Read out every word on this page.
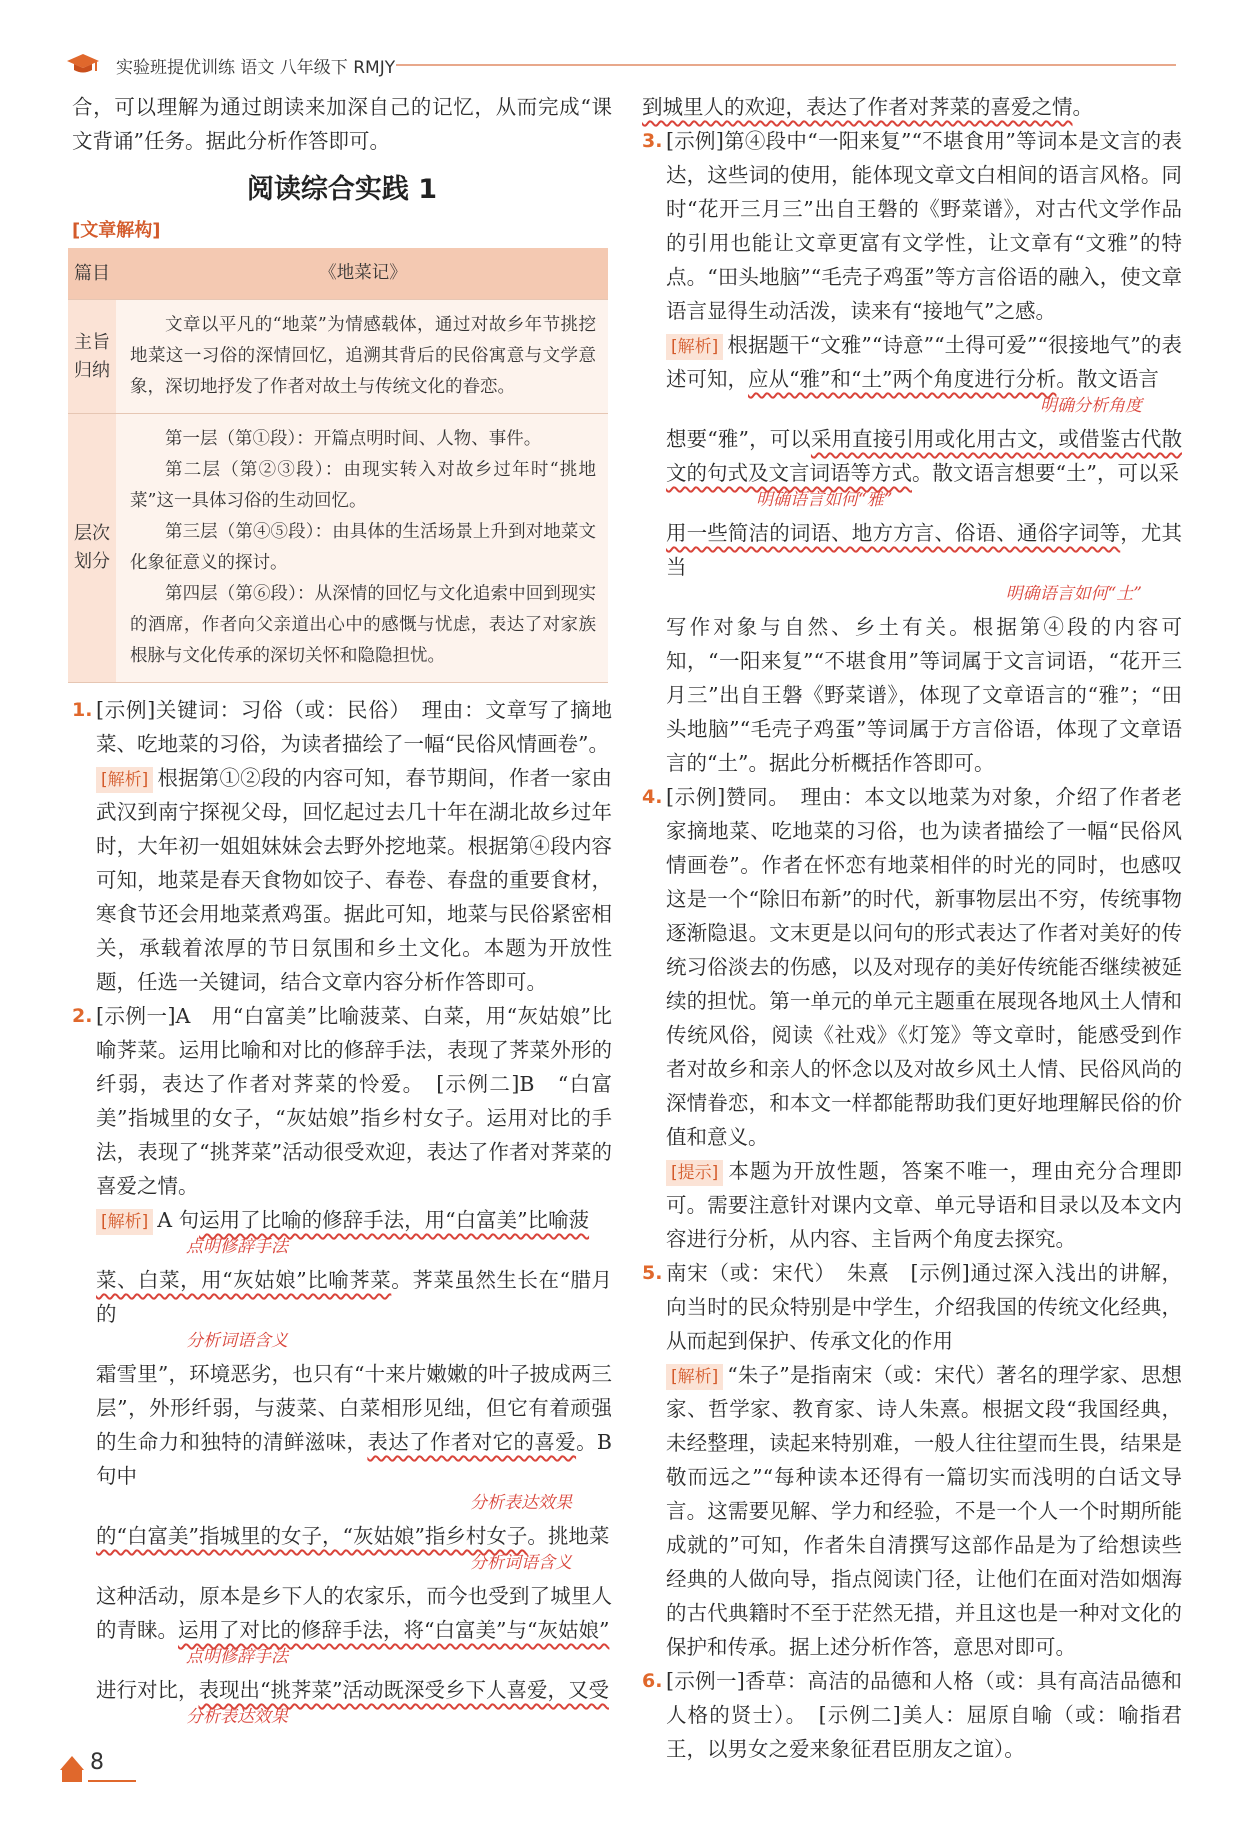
实验班提优训练 语文 八年级下 RMJY

合，可以理解为通过朗读来加深自己的记忆，从而完成“课文背诵”任务。据此分析作答即可。

阅读综合实践 1
[ 文章解构 ]
篇目	《地菜记》
主旨归纳	文章以平凡的“地菜”为情感载体，通过对故乡年节挑挖地菜这一习俗的深情回忆，追溯其背后的民俗寓意与文学意象，深切地抒发了作者对故土与传统文化的眷恋。

层次划分	第一层（第①段）：开篇点明时间、人物、事件。

第二层（第②③段）：由现实转入对故乡过年时“挑地菜”这一具体习俗的生动回忆。

第三层（第④⑤段）：由具体的生活场景上升到对地菜文化象征意义的探讨。

第四层（第⑥段）：从深情的回忆与文化追索中回到现实的酒席，作者向父亲道出心中的感慨与忧虑，表达了对家族根脉与文化传承的深切关怀和隐隐担忧。

1. [ 示例 ] 关键词：习俗（或：民俗）　理由：文章写了摘地菜、吃地菜的习俗，为读者描绘了一幅“民俗风情画卷”。

[ 解析 ] 根据第①②段的内容可知，春节期间，作者一家由武汉到南宁探视父母，回忆起过去几十年在湖北故乡过年时，大年初一姐姐妹妹会去野外挖地菜。根据第④段内容可知，地菜是春天食物如饺子、春卷、春盘的重要食材，寒食节还会用地菜煮鸡蛋。据此可知，地菜与民俗紧密相关，承载着浓厚的节日氛围和乡土文化。本题为开放性题，任选一关键词，结合文章内容分析作答即可。

2. [ 示例一 ] A　用“白富美”比喻菠菜、白菜，用“灰姑娘”比喻荠菜。运用比喻和对比的修辞手法，表现了荠菜外形的纤弱，表达了作者对荠菜的怜爱。　[ 示例二 ] B　“白富美”指城里的女子，“灰姑娘”指乡村女子。运用对比的手法，表现了“挑荠菜”活动很受欢迎，表达了作者对荠菜的喜爱之情。

[ 解析 ] A 句运用了比喻的修辞手法，用“白富美”比喻菠

点明修辞手法

菜、白菜，用“灰姑娘”比喻荠菜。荠菜虽然生长在“腊月的

分析词语含义

霜雪里”，环境恶劣，也只有“十来片嫩嫩的叶子披成两三层”，外形纤弱，与菠菜、白菜相形见绌，但它有着顽强的生命力和独特的清鲜滋味，表达了作者对它的喜爱。B 句中

分析表达效果

的“白富美”指城里的女子，“灰姑娘”指乡村女子。挑地菜

分析词语含义

这种活动，原本是乡下人的农家乐，而今也受到了城里人的青睐。运用了对比的修辞手法，将“白富美”与“灰姑娘”

点明修辞手法

进行对比，表现出“挑荠菜”活动既深受乡下人喜爱，又受

分析表达效果

到城里人的欢迎，表达了作者对荠菜的喜爱之情。

3. [ 示例 ] 第④段中“一阳来复”“不堪食用”等词本是文言的表达，这些词的使用，能体现文章文白相间的语言风格。同时“花开三月三”出自王磐的《野菜谱》，对古代文学作品的引用也能让文章更富有文学性，让文章有“文雅”的特点。“田头地脑”“毛壳子鸡蛋”等方言俗语的融入，使文章语言显得生动活泼，读来有“接地气”之感。

[ 解析 ] 根据题干“文雅”“诗意”“土得可爱”“很接地气”的表述可知，应从“雅”和“土”两个角度进行分析。散文语言

明确分析角度

想要“雅”，可以采用直接引用或化用古文，或借鉴古代散文的句式及文言词语等方式。散文语言想要“土”，可以采

明确语言如何“雅”

用一些简洁的词语、地方方言、俗语、通俗字词等，尤其当

明确语言如何“土”

写作对象与自然、乡土有关。根据第④段的内容可知，“一阳来复”“不堪食用”等词属于文言词语，“花开三月三”出自王磐《野菜谱》，体现了文章语言的“雅”；“田头地脑”“毛壳子鸡蛋”等词属于方言俗语，体现了文章语言的“土”。据此分析概括作答即可。

4. [ 示例 ] 赞同。　理由：本文以地菜为对象，介绍了作者老家摘地菜、吃地菜的习俗，也为读者描绘了一幅“民俗风情画卷”。作者在怀恋有地菜相伴的时光的同时，也感叹这是一个“除旧布新”的时代，新事物层出不穷，传统事物逐渐隐退。文末更是以问句的形式表达了作者对美好的传统习俗淡去的伤感，以及对现存的美好传统能否继续被延续的担忧。第一单元的单元主题重在展现各地风土人情和传统风俗，阅读《社戏》《灯笼》等文章时，能感受到作者对故乡和亲人的怀念以及对故乡风土人情、民俗风尚的深情眷恋，和本文一样都能帮助我们更好地理解民俗的价值和意义。

[ 提示 ] 本题为开放性题，答案不唯一，理由充分合理即可。需要注意针对课内文章、单元导语和目录以及本文内容进行分析，从内容、主旨两个角度去探究。

5. 南宋（或：宋代）　朱熹　[ 示例 ] 通过深入浅出的讲解，向当时的民众特别是中学生，介绍我国的传统文化经典，从而起到保护、传承文化的作用

[ 解析 ] “朱子”是指南宋（或：宋代）著名的理学家、思想家、哲学家、教育家、诗人朱熹。根据文段“我国经典，未经整理，读起来特别难，一般人往往望而生畏，结果是敬而远之”“每种读本还得有一篇切实而浅明的白话文导言。这需要见解、学力和经验，不是一个人一个时期所能成就的”可知，作者朱自清撰写这部作品是为了给想读些经典的人做向导，指点阅读门径，让他们在面对浩如烟海的古代典籍时不至于茫然无措，并且这也是一种对文化的保护和传承。据上述分析作答，意思对即可。

6. [ 示例一 ] 香草：高洁的品德和人格（或：具有高洁品德和人格的贤士）。　 [ 示例二 ] 美人：屈原自喻（或：喻指君王，以男女之爱来象征君臣朋友之谊）。

8
